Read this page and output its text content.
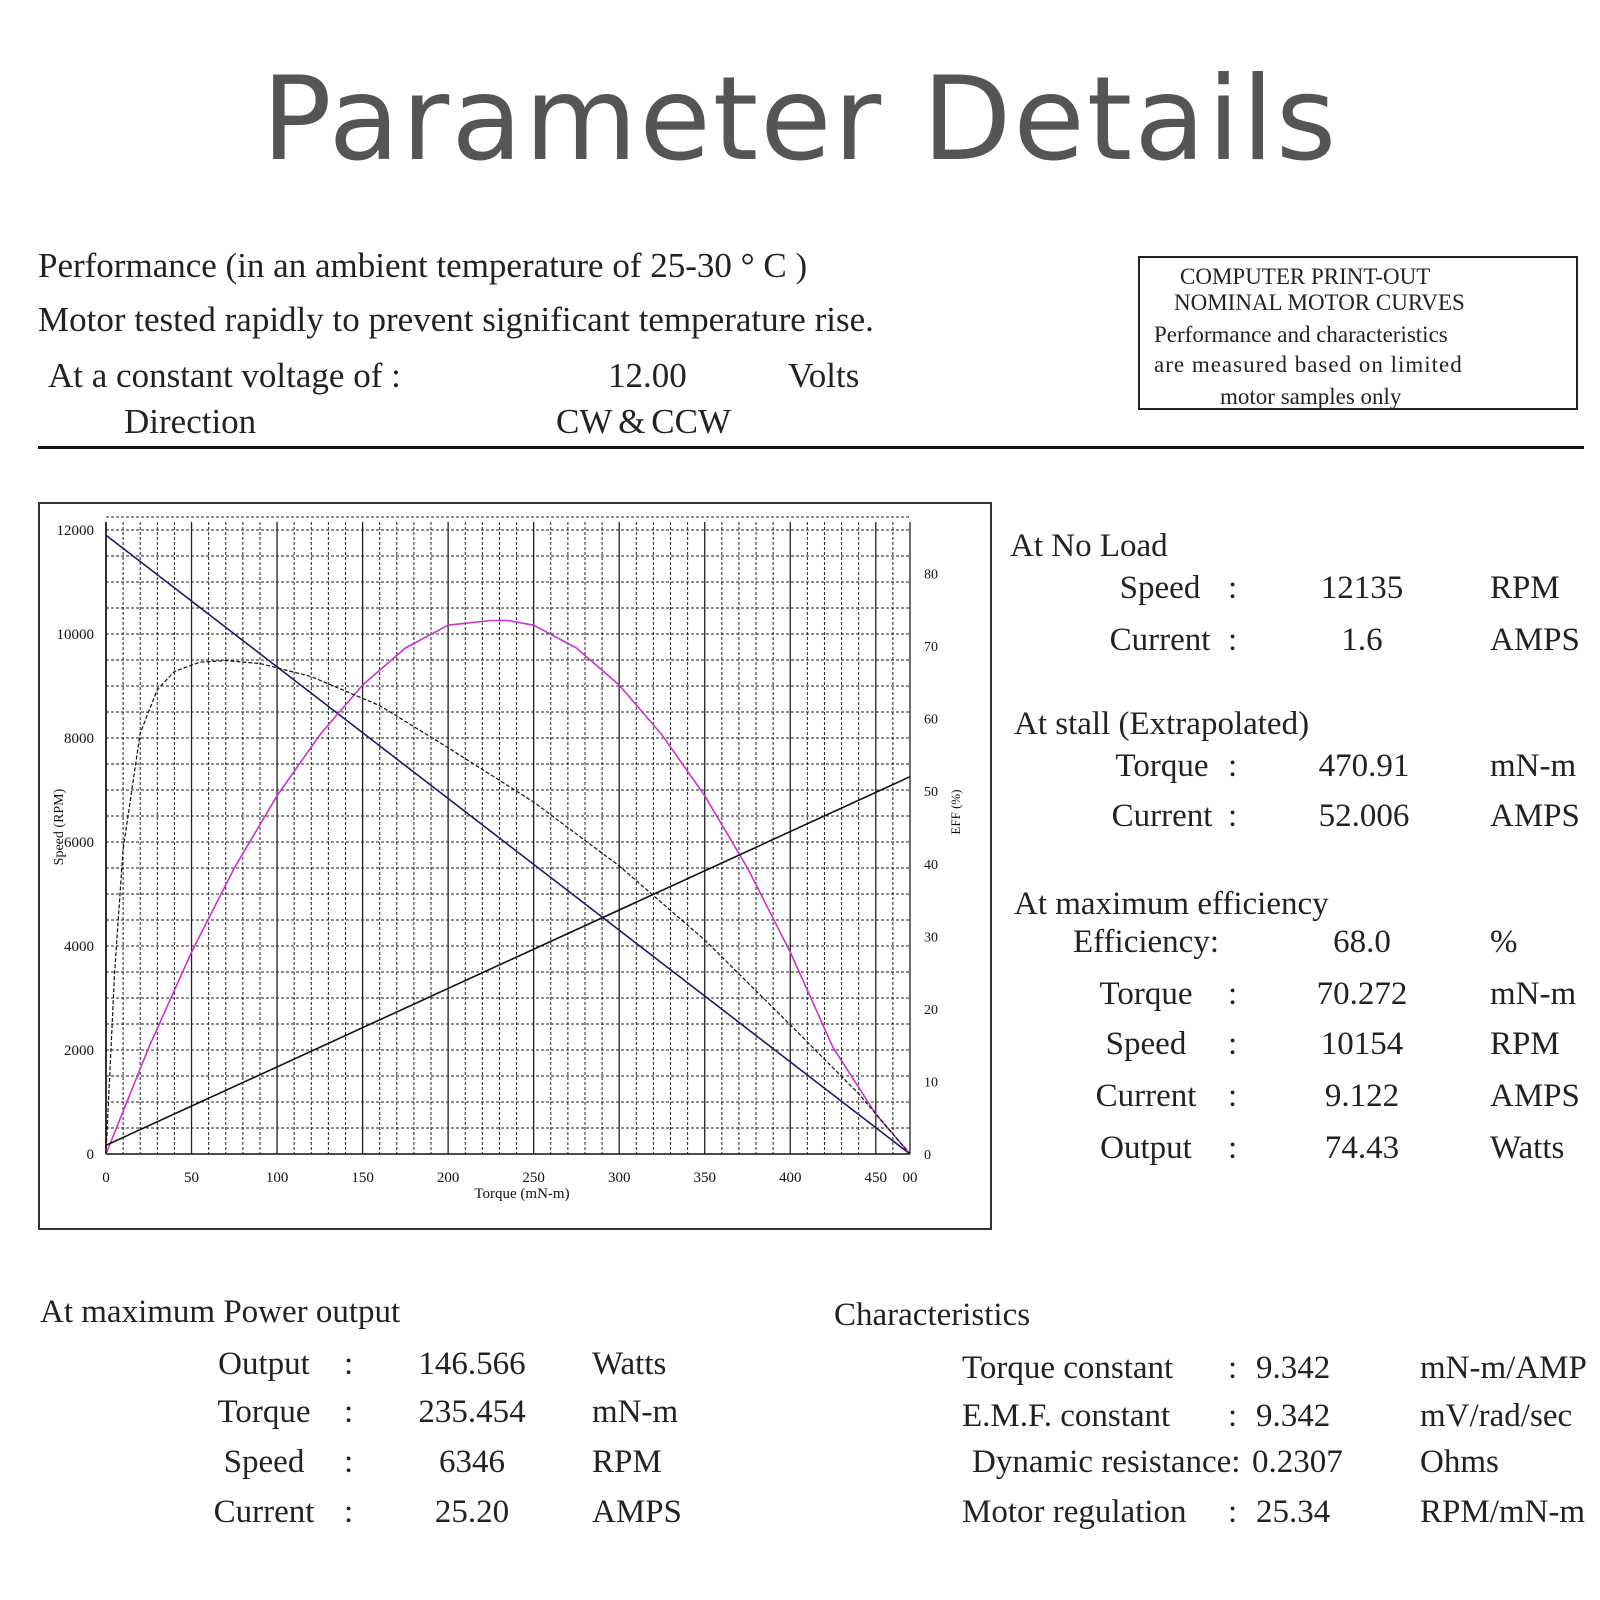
Parameter Details
Performance (in an ambient temperature of 25-30 ° C )
Motor tested rapidly to prevent significant temperature rise.
At a constant voltage of :	12.00	Volts
Direction	CW & CCW
COMPUTER PRINT-OUT
NOMINAL MOTOR CURVES
Performance and characteristics
are measured based on limited
motor samples only
0	50	100	150	200	250	300	350	400	450 00
0
2000
4000
6000
8000
10000
12000
0
10
20
30
40
50
60
70
80
Torque (mN-m)
Speed (RPM)	EFF (%)
At No Load
Speed :	12135	RPM
Current :	1.6	AMPS
At stall (Extrapolated)
Torque :	470.91	mN-m
Current :	52.006	AMPS
At maximum efficiency
Efficiency:	68.0	%
Torque	:	70.272	mN-m
Speed	:	10154	RPM
Current :	9.122	AMPS
Output	:	74.43	Watts
At maximum Power output
Output	:	146.566	Watts
Torque	:	235.454	mN-m
Speed	:	6346	RPM
Current :	25.20	AMPS
Characteristics
Torque constant : 9.342	mN-m/AMP
E.M.F. constant : 9.342	mV/rad/sec
Dynamic resistance: 0.2307 Ohms
Motor regulation : 25.34	RPM/mN-m
